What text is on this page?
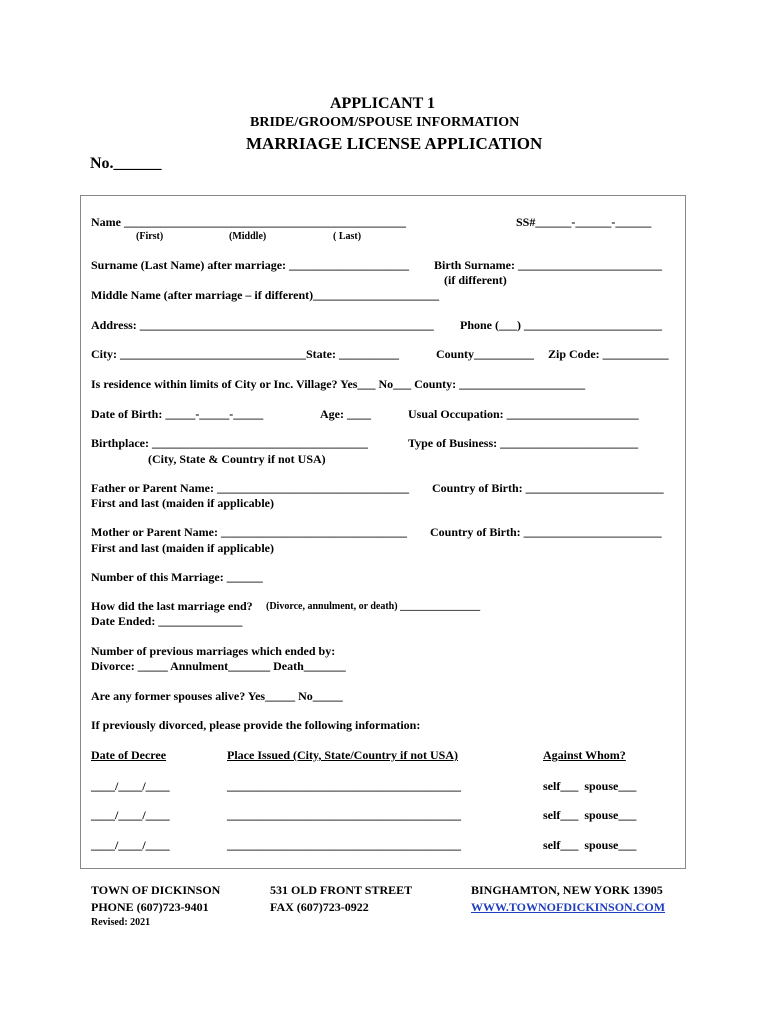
APPLICANT 1
BRIDE/GROOM/SPOUSE INFORMATION
MARRIAGE LICENSE APPLICATION
No.______
Name _______________________________________________	SS#______-______-______
(First)	(Middle)	( Last)
Surname (Last Name) after marriage: ____________________ Birth Surname: ________________________
(if different)
Middle Name (after marriage – if different)_____________________
Address: _________________________________________________ Phone (___) _______________________
City: _______________________________State: __________	County__________ Zip Code: ___________
Is residence within limits of City or Inc. Village? Yes___ No___ County: _____________________
Date of Birth: _____-_____-_____	Age: ____	Usual Occupation: ______________________
Birthplace: ____________________________________	Type of Business: _______________________
(City, State & Country if not USA)
Father or Parent Name: ________________________________ Country of Birth: _______________________
First and last (maiden if applicable)
Mother or Parent Name: _______________________________ Country of Birth: _______________________
First and last (maiden if applicable)
Number of this Marriage: ______
How did the last marriage end? (Divorce, annulment, or death) ________________
Date Ended: ______________
Number of previous marriages which ended by:
Divorce: _____ Annulment_______ Death_______
Are any former spouses alive? Yes_____ No_____
If previously divorced, please provide the following information:
Date of Decree	Place Issued (City, State/Country if not USA)	Against Whom?
____/____/____	_______________________________________	self___  spouse___
____/____/____	_______________________________________	self___  spouse___
____/____/____	_______________________________________	self___  spouse___
TOWN OF DICKINSON
PHONE (607)723-9401
Revised: 2021
531 OLD FRONT STREET
FAX (607)723-0922
BINGHAMTON, NEW YORK 13905
WWW.TOWNOFDICKINSON.COM
